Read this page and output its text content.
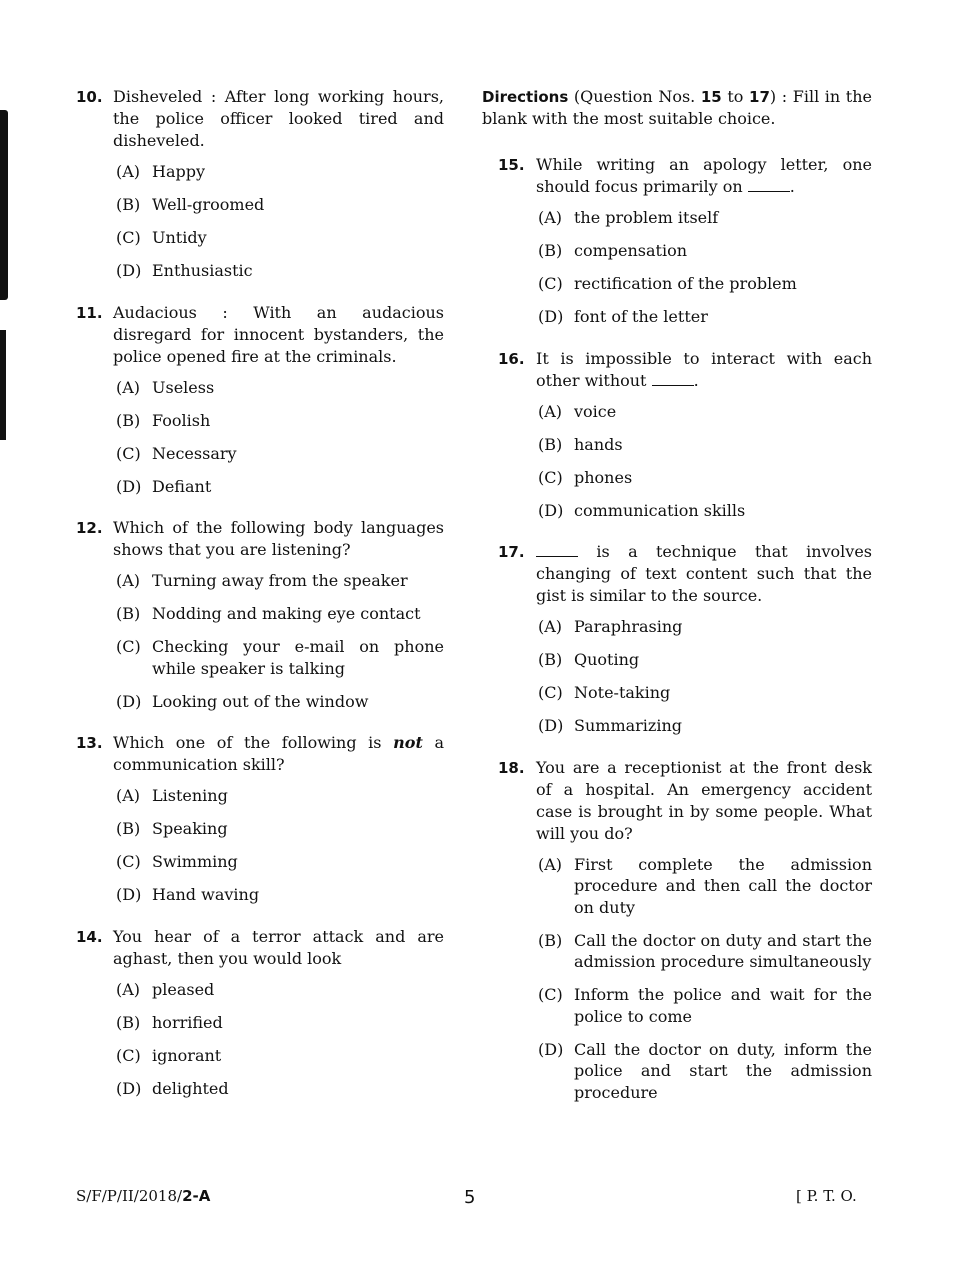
10. Disheveled : After long working hours, the police officer looked tired and disheveled.
(A) Happy
(B) Well-groomed
(C) Untidy
(D) Enthusiastic
11. Audacious : With an audacious disregard for innocent bystanders, the police opened fire at the criminals.
(A) Useless
(B) Foolish
(C) Necessary
(D) Defiant
12. Which of the following body languages shows that you are listening?
(A) Turning away from the speaker
(B) Nodding and making eye contact
(C) Checking your e-mail on phone while speaker is talking
(D) Looking out of the window
13. Which one of the following is not a communication skill?
(A) Listening
(B) Speaking
(C) Swimming
(D) Hand waving
14. You hear of a terror attack and are aghast, then you would look
(A) pleased
(B) horrified
(C) ignorant
(D) delighted
Directions (Question Nos. 15 to 17) : Fill in the blank with the most suitable choice.
15. While writing an apology letter, one should focus primarily on	.
(A) the problem itself
(B) compensation
(C) rectification of the problem
(D) font of the letter
16. It is impossible to interact with each other without	.
(A) voice
(B) hands
(C) phones
(D) communication skills
17.	is a technique that involves changing of text content such that the gist is similar to the source.
(A) Paraphrasing
(B) Quoting
(C) Note-taking
(D) Summarizing
18. You are a receptionist at the front desk of a hospital. An emergency accident case is brought in by some people. What will you do?
(A) First complete the admission procedure and then call the doctor on duty
(B) Call the doctor on duty and start the admission procedure simultaneously
(C) Inform the police and wait for the police to come
(D) Call the doctor on duty, inform the police and start the admission procedure
S/F/P/II/2018/2-A	5	[ P. T. O.
